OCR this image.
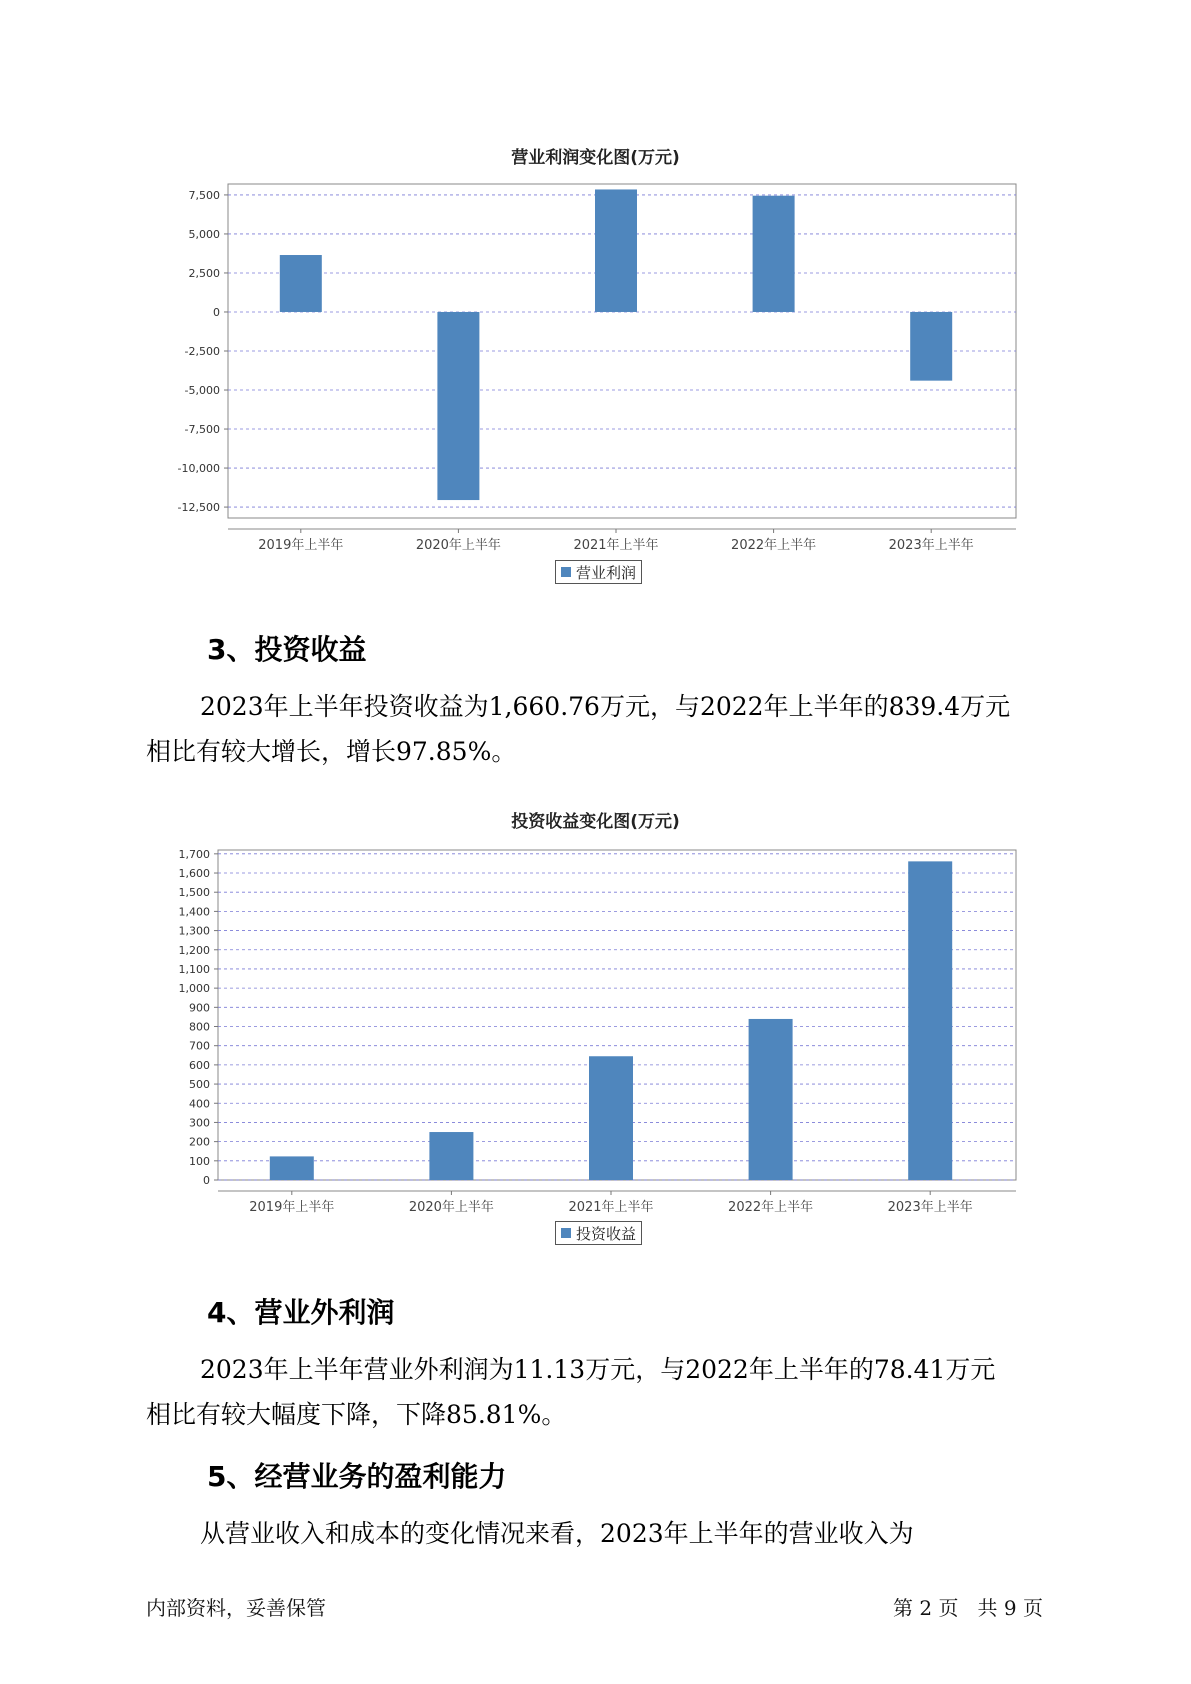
营业利润变化图(万元)
7,500
5,000
2,500
0
-2,500
-5,000
-7,500
-10,000
-12,500
2019年上半年	2020年上半年	2021年上半年	2022年上半年	2023年上半年
营业利润
3、投资收益
2023年上半年投资收益为1,660.76万元，与2022年上半年的839.4万元
相比有较大增长，增长97.85%。
投资收益变化图(万元)
1,700
1,600
1,500
1,400
1,300
1,200
1,100
1,000
900
800
700
600
500
400
300
200
100
0
2019年上半年	2020年上半年	2021年上半年	2022年上半年	2023年上半年
投资收益
4、营业外利润
2023年上半年营业外利润为11.13万元，与2022年上半年的78.41万元
相比有较大幅度下降，下降85.81%。
5、经营业务的盈利能力
从营业收入和成本的变化情况来看，2023年上半年的营业收入为
内部资料，妥善保管	第 2 页   共 9 页
